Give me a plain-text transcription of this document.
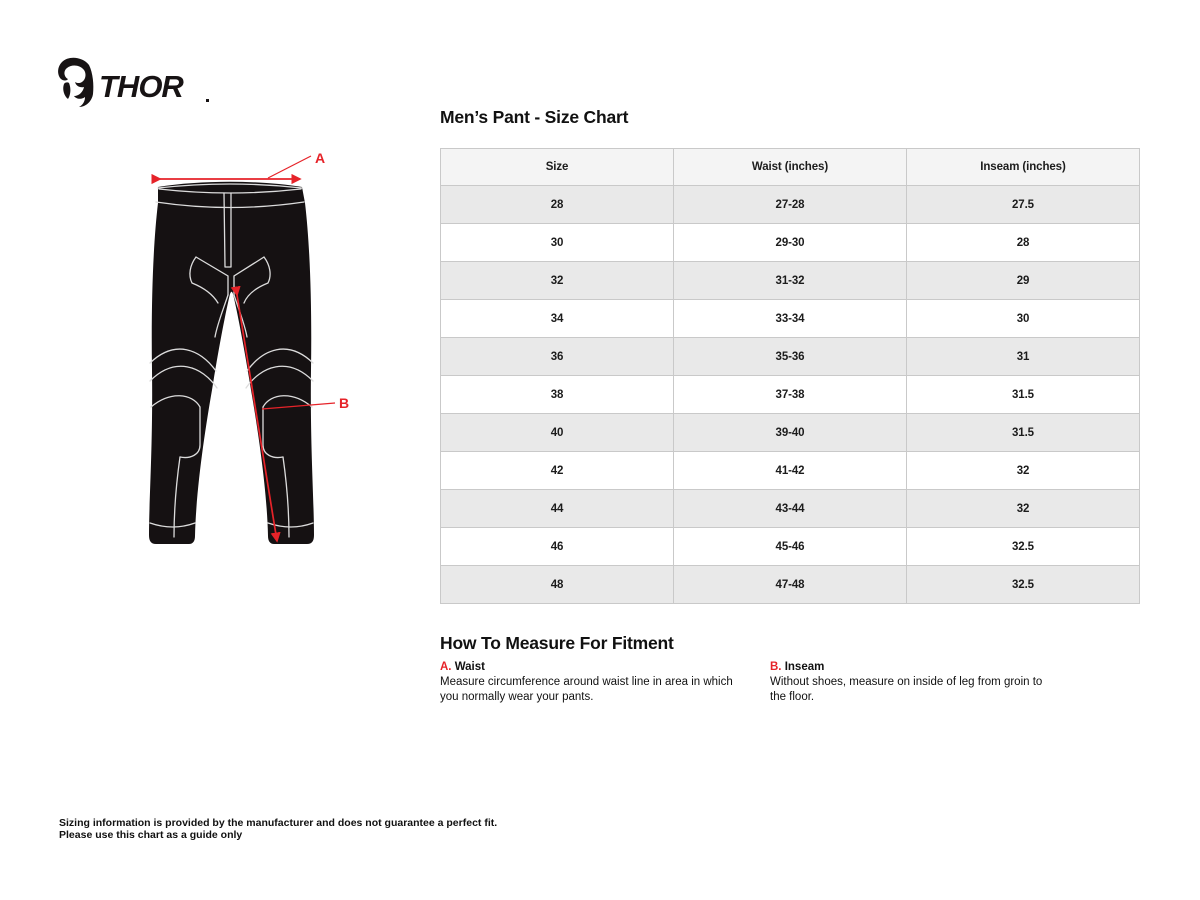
THOR
A
B
Men’s Pant - Size Chart
Size	Waist (inches)	Inseam (inches)
28	27-28	27.5
30	29-30	28
32	31-32	29
34	33-34	30
36	35-36	31
38	37-38	31.5
40	39-40	31.5
42	41-42	32
44	43-44	32
46	45-46	32.5
48	47-48	32.5
How To Measure For Fitment

A. Waist

Measure circumference around waist line in area in which you normally wear your pants.

B. Inseam

Without shoes, measure on inside of leg from groin to the floor.

Sizing information is provided by the manufacturer and does not guarantee a perfect fit.

Please use this chart as a guide only
